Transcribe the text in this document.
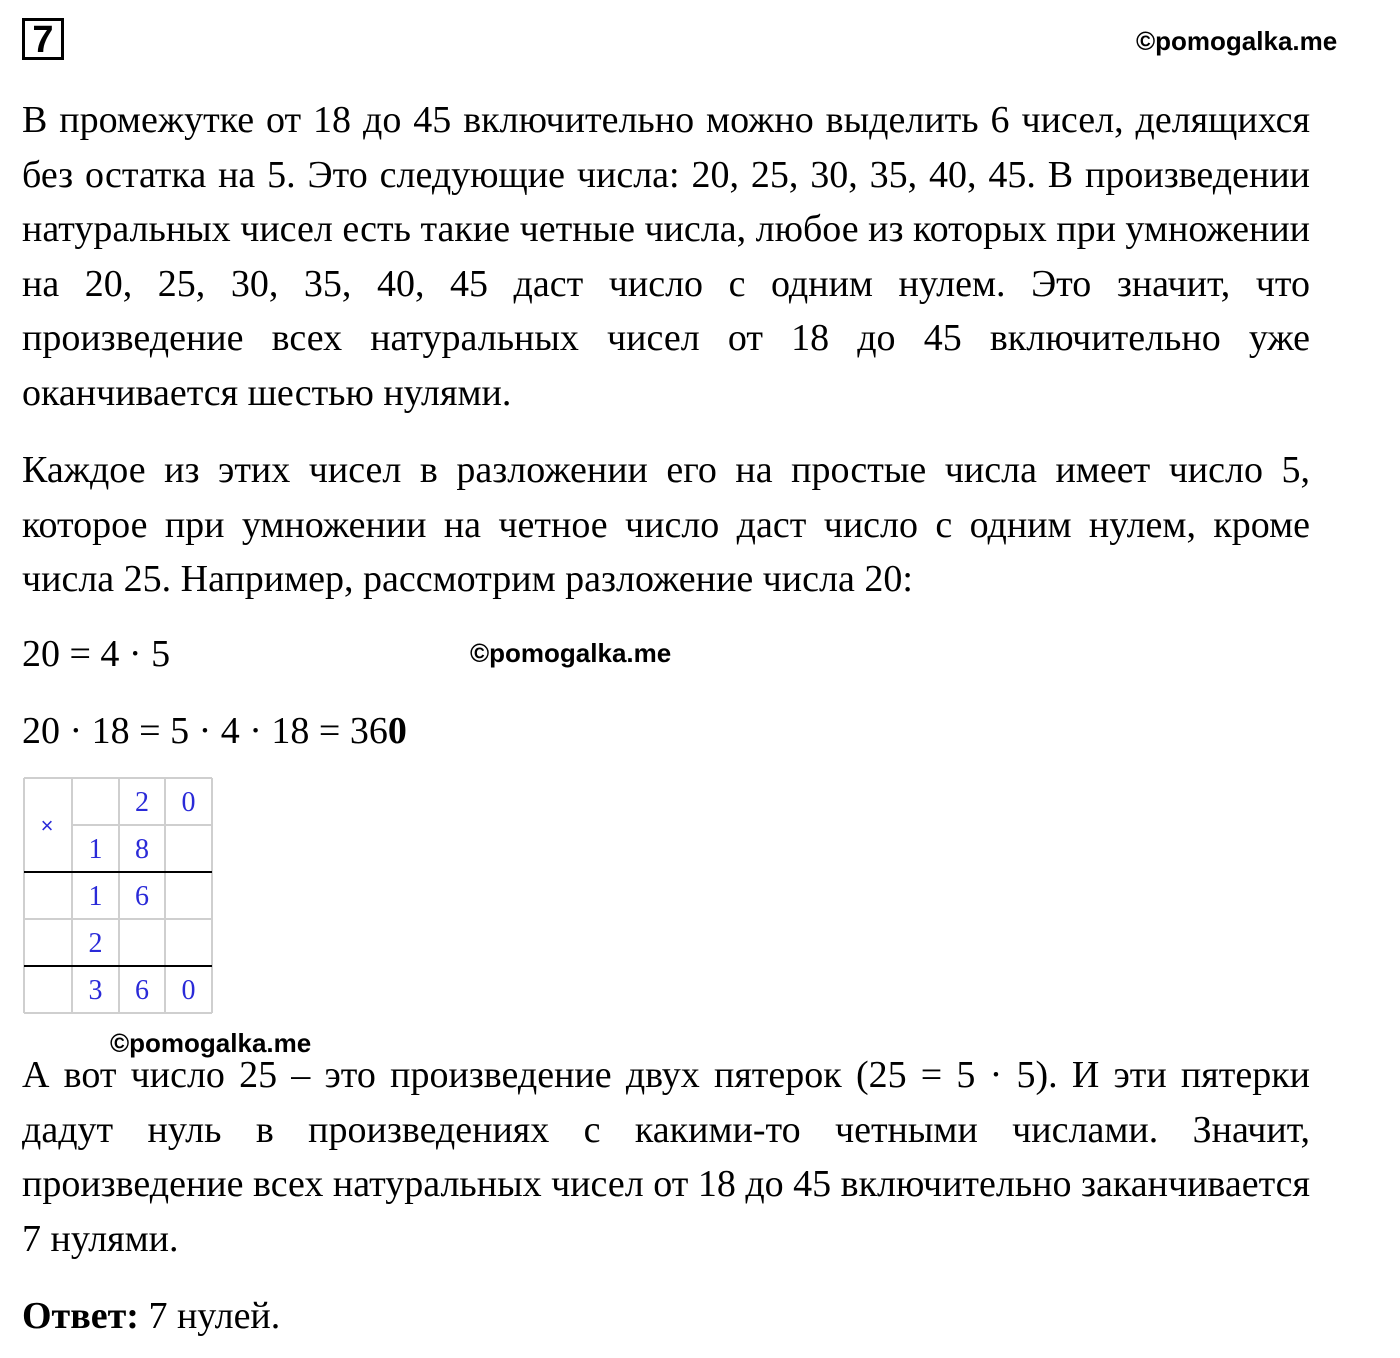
7	©pomogalka.me

В промежутке от 18 до 45 включительно можно выделить 6 чисел, делящихся без остатка на 5. Это следующие числа: 20, 25, 30, 35, 40, 45. В произведении натуральных чисел есть такие четные числа, любое из которых при умножении на 20, 25, 30, 35, 40, 45 даст число с одним нулем. Это значит, что произведение всех натуральных чисел от 18 до 45 включительно уже оканчивается шестью нулями.

Каждое из этих чисел в разложении его на простые числа имеет число 5, которое при умножении на четное число даст число с одним нулем, кроме числа 25. Например, рассмотрим разложение числа 20:

20 = 4 · 5	©pomogalka.me
20 · 18 = 5 · 4 · 18 = 360
×
2 0
1 8
1 6
2
3 6 0
©pomogalka.me

А вот число 25 – это произведение двух пятерок (25 = 5 · 5). И эти пятерки дадут нуль в произведениях с какими-то четными числами. Значит, произведение всех натуральных чисел от 18 до 45 включительно заканчивается 7 нулями.

Ответ: 7 нулей.
